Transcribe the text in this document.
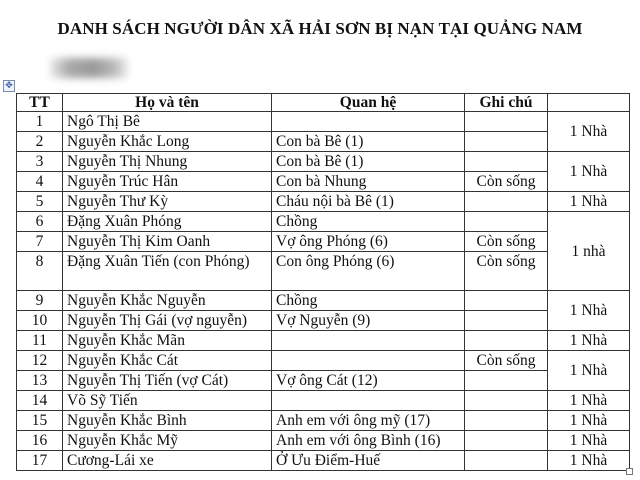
DANH SÁCH NGƯỜI DÂN XÃ HẢI SƠN BỊ NẠN TẠI QUẢNG NAM
✥
TT	Họ và tên	Quan hệ	Ghi chú	
1	Ngô Thị Bê			1 Nhà
2	Nguyễn Khắc Long	Con bà Bê (1)		
3	Nguyễn Thị Nhung	Con bà Bê (1)		1 Nhà
4	Nguyễn Trúc Hân	Con bà Nhung	Còn sống	
5	Nguyễn Thư Kỳ	Cháu nội bà Bê (1)		1 Nhà
6	Đặng Xuân Phóng	Chồng		1 nhà
7	Nguyễn Thị Kim Oanh	Vợ ông Phóng (6)	Còn sống	
8	Đặng Xuân Tiến (con Phóng)	Con ông Phóng (6)	Còn sống	
9	Nguyễn Khắc Nguyễn	Chồng		1 Nhà
10	Nguyễn Thị Gái (vợ nguyễn)	Vợ Nguyễn (9)		
11	Nguyễn Khắc Mãn			1 Nhà
12	Nguyễn Khắc Cát		Còn sống	1 Nhà
13	Nguyễn Thị Tiến (vợ Cát)	Vợ ông Cát (12)		
14	Võ Sỹ Tiến			1 Nhà
15	Nguyễn Khắc Bình	Anh em với ông mỹ (17)		1 Nhà
16	Nguyễn Khắc Mỹ	Anh em với ông Bình (16)		1 Nhà
17	Cương-Lái xe	Ở Ưu Điểm-Huế		1 Nhà
